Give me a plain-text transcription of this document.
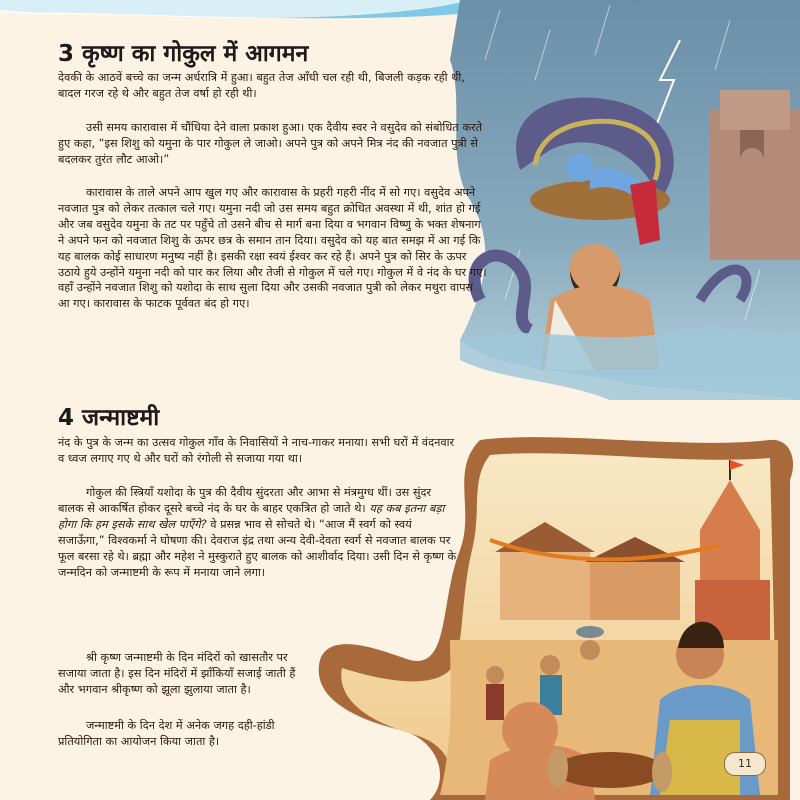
3 कृष्ण का गोकुल में आगमन

देवकी के आठवें बच्चे का जन्म अर्धरात्रि में हुआ। बहुत तेज आँधी चल रही थी, बिजली कड़क रही थी, बादल गरज रहे थे और बहुत तेज वर्षा हो रही थी।

उसी समय कारावास में चौंधिया देने वाला प्रकाश हुआ। एक दैवीय स्वर ने वसुदेव को संबोधित करते हुए कहा, “इस शिशु को यमुना के पार गोकुल ले जाओ। अपने पुत्र को अपने मित्र नंद की नवजात पुत्री से बदलकर तुरंत लौट आओ।”

कारावास के ताले अपने आप खुल गए और कारावास के प्रहरी गहरी नींद में सो गए। वसुदेव अपने नवजात पुत्र को लेकर तत्काल चले गए। यमुना नदी जो उस समय बहुत क्रोधित अवस्था में थी, शांत हो गई और जब वसुदेव यमुना के तट पर पहुँचे तो उसने बीच से मार्ग बना दिया व भगवान विष्णु के भक्त शेषनाग ने अपने फन को नवजात शिशु के ऊपर छत्र के समान तान दिया। वसुदेव को यह बात समझ में आ गई कि यह बालक कोई साधारण मनुष्य नहीं है। इसकी रक्षा स्वयं ईश्वर कर रहे हैं। अपने पुत्र को सिर के ऊपर उठाये हुये उन्होंने यमुना नदी को पार कर लिया और तेजी से गोकुल में चले गए। गोकुल में वे नंद के घर गए। वहाँ उन्होंने नवजात शिशु को यशोदा के साथ सुला दिया और उसकी नवजात पुत्री को लेकर मथुरा वापस आ गए। कारावास के फाटक पूर्ववत बंद हो गए।

4 जन्माष्टमी

नंद के पुत्र के जन्म का उत्सव गोकुल गाँव के निवासियों ने नाच-गाकर मनाया। सभी घरों में वंदनवार व ध्वज लगाए गए थे और घरों को रंगोली से सजाया गया था।

गोकुल की स्त्रियाँ यशोदा के पुत्र की दैवीय सुंदरता और आभा से मंत्रमुग्ध थीं। उस सुंदर बालक से आकर्षित होकर दूसरे बच्चे नंद के घर के बाहर एकत्रित हो जाते थे। यह कब इतना बड़ा होगा कि हम इसके साथ खेल पाएँगे? वे प्रसन्न भाव से सोचते थे। “आज मैं स्वर्ग को स्वयं सजाऊँगा,” विश्वकर्मा ने घोषणा की। देवराज इंद्र तथा अन्य देवी-देवता स्वर्ग से नवजात बालक पर फूल बरसा रहे थे। ब्रह्मा और महेश ने मुस्कुराते हुए बालक को आशीर्वाद दिया। उसी दिन से कृष्ण के जन्मदिन को जन्माष्टमी के रूप में मनाया जाने लगा।

श्री कृष्ण जन्माष्टमी के दिन मंदिरों को खासतौर पर सजाया जाता है। इस दिन मंदिरों में झाँकियाँ सजाई जाती हैं और भगवान श्रीकृष्ण को झूला झुलाया जाता है।

जन्माष्टमी के दिन देश में अनेक जगह दही-हांडी प्रतियोगिता का आयोजन किया जाता है।

11
